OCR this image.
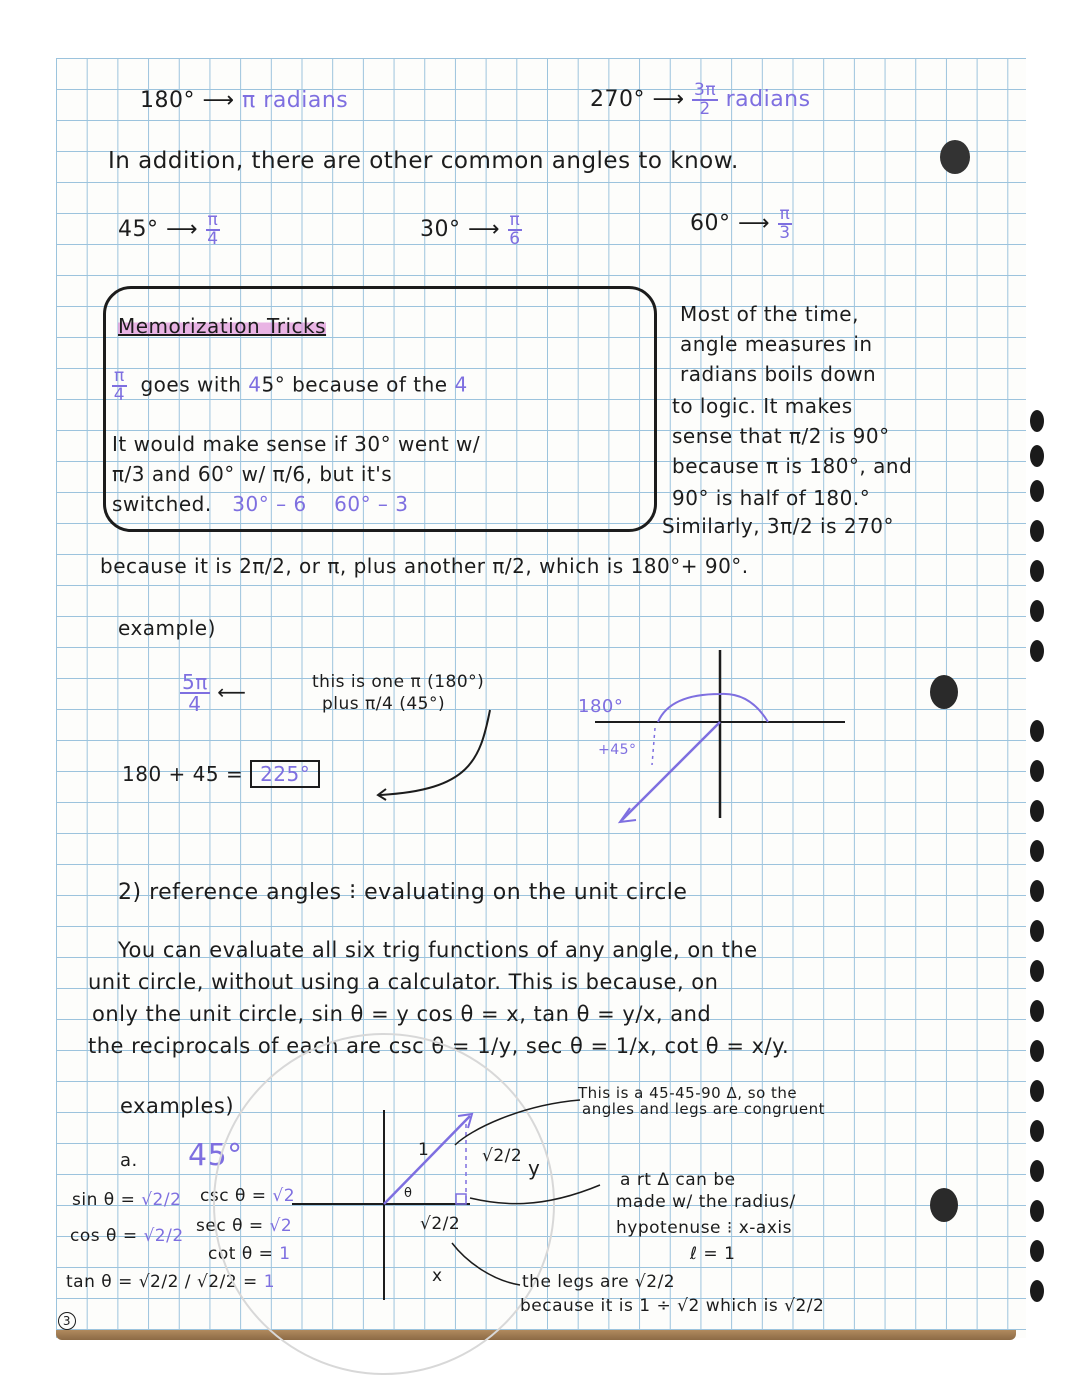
180° ⟶ π radians	270° ⟶ $\frac{3\pi}{2}$ radians
In addition, there are other common angles to know.
45° ⟶ $\frac{\pi}{4}$	30° ⟶ $\frac{\pi}{6}$	60° ⟶ $\frac{\pi}{3}$
Memorization Tricks
$\frac{\pi}{4}$ goes with 45° because of the 4
It would make sense if 30° went w/
π/3 and 60° w/ π/6, but it's
switched. 30° – 6 60° – 3
Most of the time,
angle measures in
radians boils down
to logic. It makes
sense that π/2 is 90°
because π is 180°, and
90° is half of 180.°
Similarly, 3π/2 is 270°
because it is 2π/2, or π, plus another π/2, which is 180°+ 90°.
example)
$\frac{5\pi}{4}$ ⟵	this is one π (180°)
plus π/4 (45°)
180 + 45 = 225°
180°
+45°
2) reference angles ⁝ evaluating on the unit circle
You can evaluate all six trig functions of any angle, on the
unit circle, without using a calculator. This is because, on
only the unit circle, sin θ = y cos θ = x, tan θ = y/x, and
the reciprocals of each are csc θ = 1/y, sec θ = 1/x, cot θ = x/y.
examples)
a. 45°
sin θ = √2/2
cos θ = √2/2
tan θ = √2/2 / √2/2 = 1
csc θ = √2
sec θ = √2
cot θ = 1
3
1
θ
√2/2 y
√2/2
x
This is a 45-45-90 Δ, so the
angles and legs are congruent
a rt Δ can be
made w/ the radius/
hypotenuse ⁝ x-axis
ℓ = 1
the legs are √2/2
because it is 1 ÷ √2 which is √2/2
